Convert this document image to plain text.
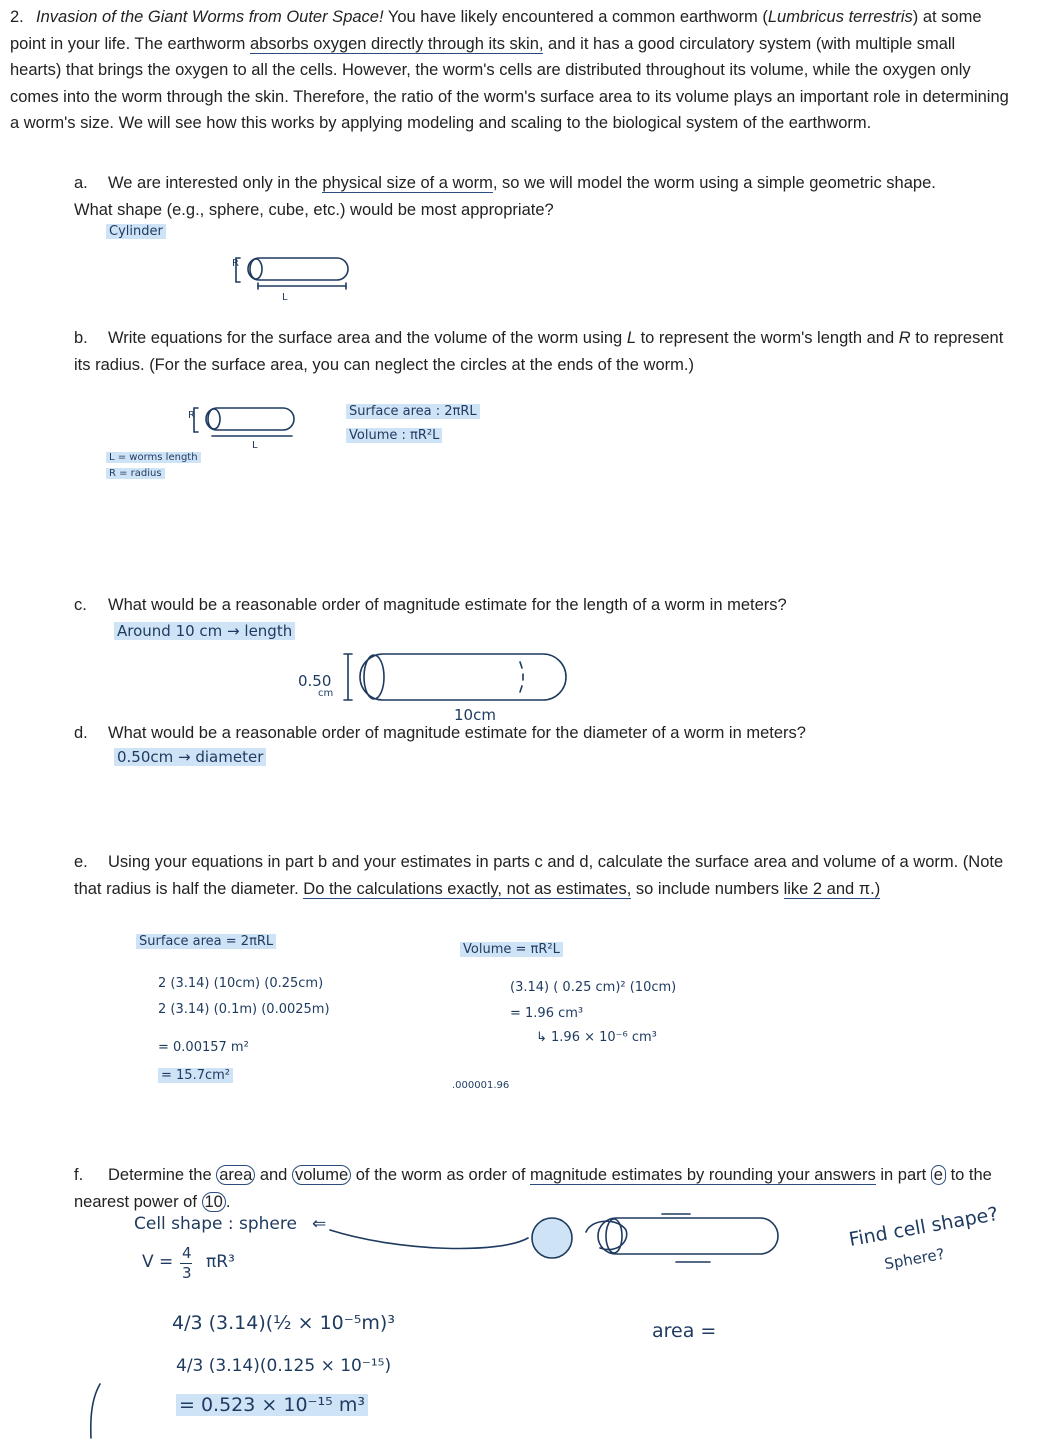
2. Invasion of the Giant Worms from Outer Space! You have likely encountered a common earthworm (Lumbricus terrestris) at some point in your life. The earthworm absorbs oxygen directly through its skin, and it has a good circulatory system (with multiple small hearts) that brings the oxygen to all the cells. However, the worm's cells are distributed throughout its volume, while the oxygen only comes into the worm through the skin. Therefore, the ratio of the worm's surface area to its volume plays an important role in determining a worm's size. We will see how this works by applying modeling and scaling to the biological system of the earthworm.
a. We are interested only in the physical size of a worm, so we will model the worm using a simple geometric shape. What shape (e.g., sphere, cube, etc.) would be most appropriate?
Cylinder
R
L
b. Write equations for the surface area and the volume of the worm using L to represent the worm's length and R to represent its radius. (For the surface area, you can neglect the circles at the ends of the worm.)
R
L
Surface area : 2πRL
Volume : πR²L
L = worms length
R = radius
c. What would be a reasonable order of magnitude estimate for the length of a worm in meters?
Around 10 cm → length
0.50
cm
10cm
d. What would be a reasonable order of magnitude estimate for the diameter of a worm in meters?
0.50cm → diameter
e. Using your equations in part b and your estimates in parts c and d, calculate the surface area and volume of a worm. (Note that radius is half the diameter. Do the calculations exactly, not as estimates, so include numbers like 2 and π.)
Surface area = 2πRL
2 (3.14) (10cm) (0.25cm)
2 (3.14) (0.1m) (0.0025m)
= 0.00157 m²
= 15.7cm²
Volume = πR²L
(3.14) ( 0.25 cm)² (10cm)
= 1.96 cm³
↳ 1.96 × 10⁻⁶ cm³
.000001.96
f. Determine the area and volume of the worm as order of magnitude estimates by rounding your answers in part e to the nearest power of 10 .
Cell shape : sphere ⇐
V = 4
3
πR³
4/3 (3.14)(½ × 10⁻⁵m)³
4/3 (3.14)(0.125 × 10⁻¹⁵)
= 0.523 × 10⁻¹⁵ m³
Find cell shape?
Sphere?
area =
